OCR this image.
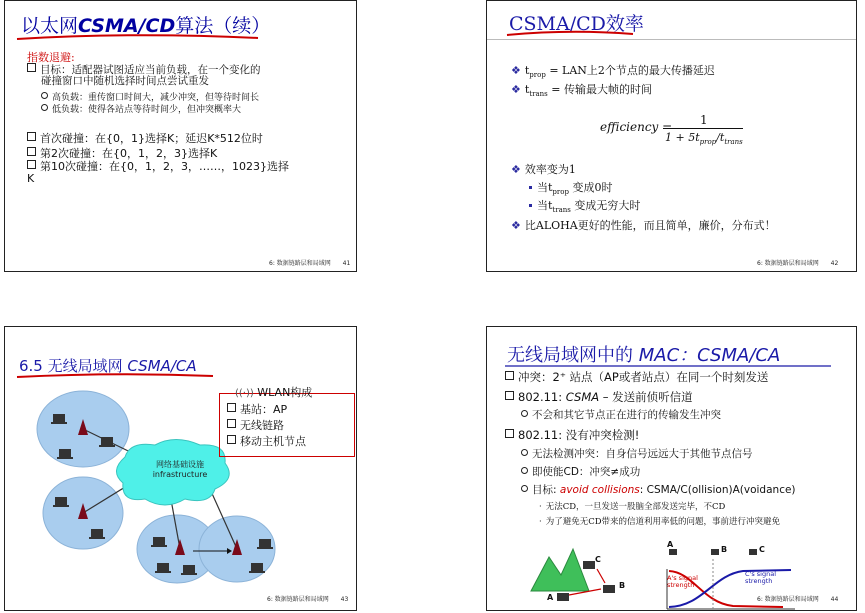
以太网CSMA/CD算法（续）
指数退避:
目标：适配器试图适应当前负载，在一个变化的
碰撞窗口中随机选择时间点尝试重发
高负载：重传窗口时间大，减少冲突，但等待时间长
低负载：使得各站点等待时间少，但冲突概率大
首次碰撞：在{0，1}选择K；延迟K*512位时
第2次碰撞：在{0，1，2，3}选择K
第10次碰撞：在{0，1，2，3，……，1023}选择
K
6: 数据链路层和局域网 41
CSMA/CD效率
❖ $t_{prop}$ = LAN上2个节点的最大传播延迟
❖ $t_{trans}$ = 传输最大帧的时间
efficiency = 1
$1 + 5t_{prop}/t_{trans}$
❖ 效率变为1
当$t_{prop}$ 变成0时
当$t_{trans}$ 变成无穷大时
❖ 比ALOHA更好的性能，而且简单，廉价，分布式！
6: 数据链路层和局域网 42
6.5 无线局域网 CSMA/CA
网络基础设施
infrastructure
((·)) WLAN构成
基站：AP
无线链路
移动主机节点
6: 数据链路层和局域网 43
无线局域网中的 MAC：CSMA/CA
冲突：2⁺ 站点（AP或者站点）在同一个时刻发送
802.11: CSMA – 发送前侦听信道
不会和其它节点正在进行的传输发生冲突
802.11: 没有冲突检测!
无法检测冲突：自身信号远远大于其他节点信号
即使能CD：冲突≠成功
目标: avoid collisions: CSMA/C(ollision)A(voidance)
· 无法CD，一旦发送一股脑全部发送完毕，不CD
· 为了避免无CD带来的信道利用率低的问题，事前进行冲突避免
C
B
A
A
B	C
A's signal strength
C's signal strength
6: 数据链路层和局域网 44
